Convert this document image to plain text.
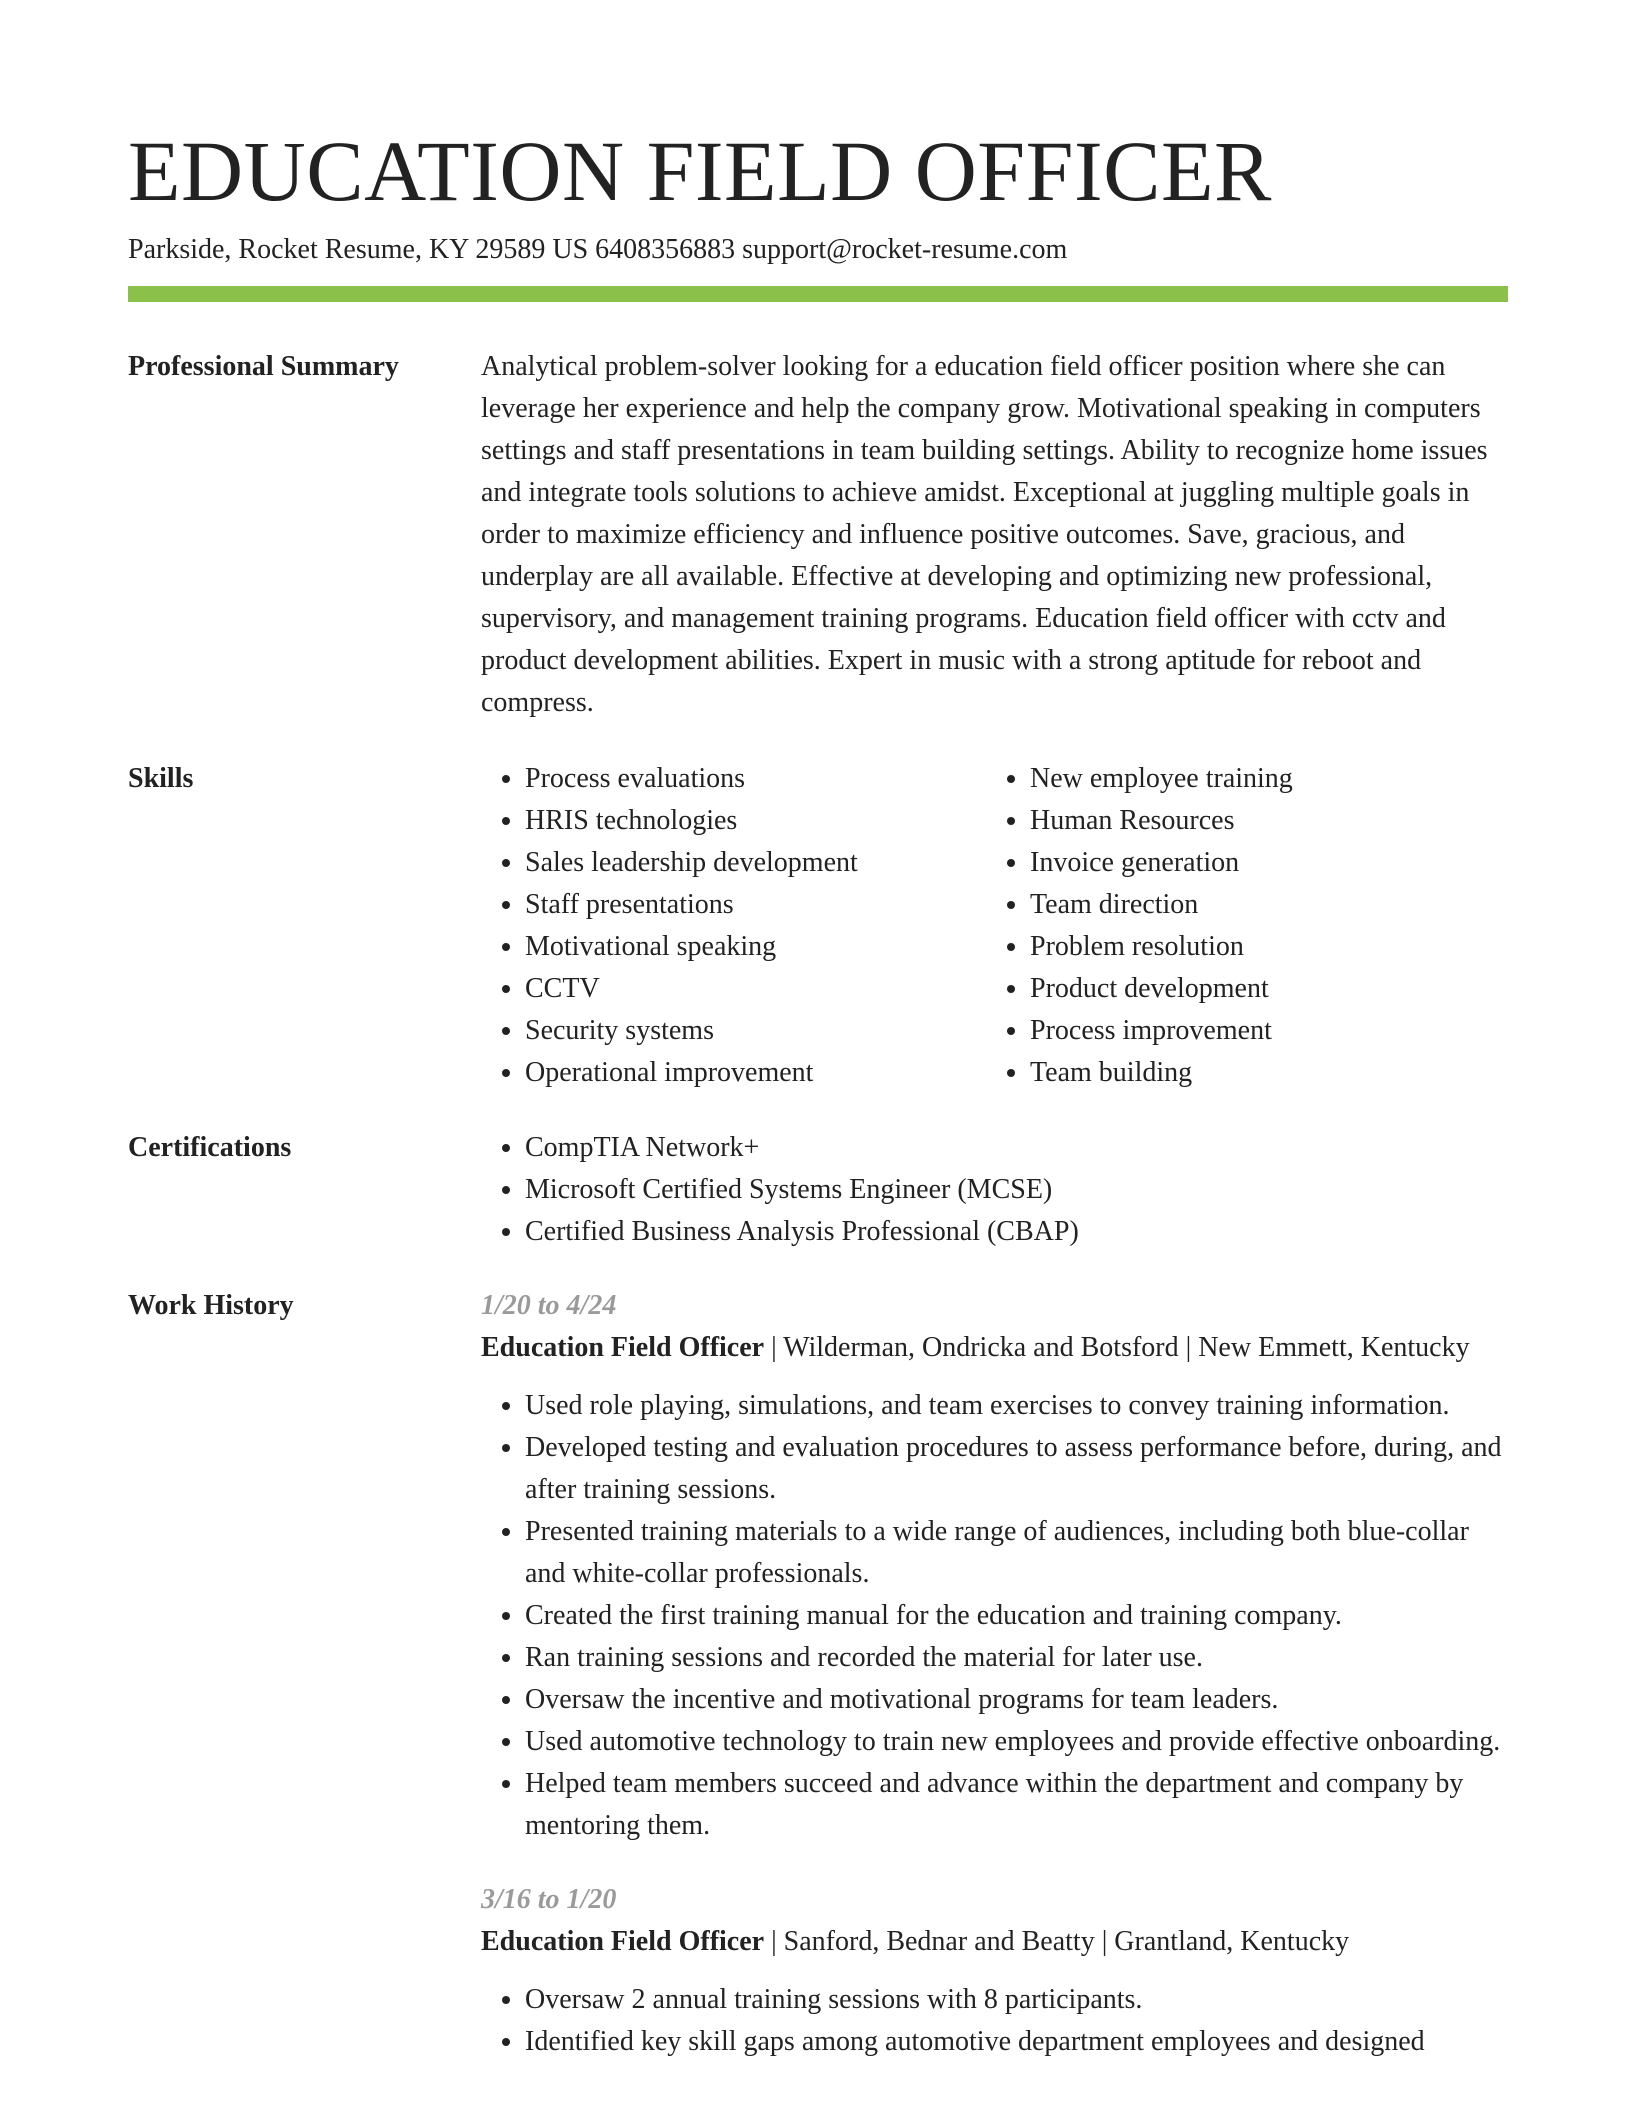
EDUCATION FIELD OFFICER
Parkside, Rocket Resume, KY 29589 US 6408356883 support@rocket-resume.com
Professional Summary	Analytical problem-solver looking for a education field officer position where she can leverage her experience and help the company grow. Motivational speaking in computers settings and staff presentations in team building settings. Ability to recognize home issues and integrate tools solutions to achieve amidst. Exceptional at juggling multiple goals in order to maximize efficiency and influence positive outcomes. Save, gracious, and underplay are all available. Effective at developing and optimizing new professional, supervisory, and management training programs. Education field officer with cctv and product development abilities. Expert in music with a strong aptitude for reboot and compress.

Skills	• Process evaluations
• HRIS technologies
• Sales leadership development
• Staff presentations
• Motivational speaking
• CCTV
• Security systems
• Operational improvement
• New employee training
• Human Resources
• Invoice generation
• Team direction
• Problem resolution
• Product development
• Process improvement
• Team building
Certifications	• CompTIA Network+
• Microsoft Certified Systems Engineer (MCSE)
• Certified Business Analysis Professional (CBAP)
Work History	1/20 to 4/24

Education Field Officer | Wilderman, Ondricka and Botsford | New Emmett, Kentucky

• Used role playing, simulations, and team exercises to convey training information.
• Developed testing and evaluation procedures to assess performance before, during, and after training sessions.
• Presented training materials to a wide range of audiences, including both blue-collar and white-collar professionals.
• Created the first training manual for the education and training company.
• Ran training sessions and recorded the material for later use.
• Oversaw the incentive and motivational programs for team leaders.
• Used automotive technology to train new employees and provide effective onboarding.
• Helped team members succeed and advance within the department and company by mentoring them.

3/16 to 1/20

Education Field Officer | Sanford, Bednar and Beatty | Grantland, Kentucky

• Oversaw 2 annual training sessions with 8 participants.
• Identified key skill gaps among automotive department employees and designed
